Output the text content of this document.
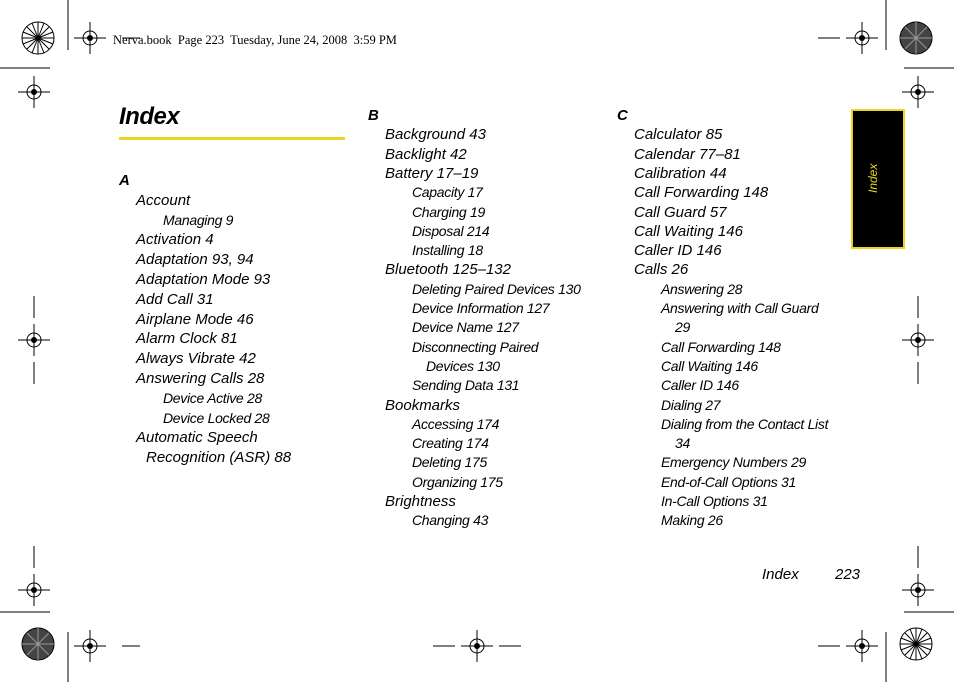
Nerva.book  Page 223  Tuesday, June 24, 2008  3:59 PM
Index
A
Account
Managing 9
Activation 4
Adaptation 93, 94
Adaptation Mode 93
Add Call 31
Airplane Mode 46
Alarm Clock 81
Always Vibrate 42
Answering Calls 28
Device Active 28
Device Locked 28
Automatic Speech
Recognition (ASR) 88
B
Background 43
Backlight 42
Battery 17–19
Capacity 17
Charging 19
Disposal 214
Installing 18
Bluetooth 125–132
Deleting Paired Devices 130
Device Information 127
Device Name 127
Disconnecting Paired
Devices 130
Sending Data 131
Bookmarks
Accessing 174
Creating 174
Deleting 175
Organizing 175
Brightness
Changing 43
C
Calculator 85
Calendar 77–81
Calibration 44
Call Forwarding 148
Call Guard 57
Call Waiting 146
Caller ID 146
Calls 26
Answering 28
Answering with Call Guard
29
Call Forwarding 148
Call Waiting 146
Caller ID 146
Dialing 27
Dialing from the Contact List
34
Emergency Numbers 29
End-of-Call Options 31
In-Call Options 31
Making 26
Index
Index 223
